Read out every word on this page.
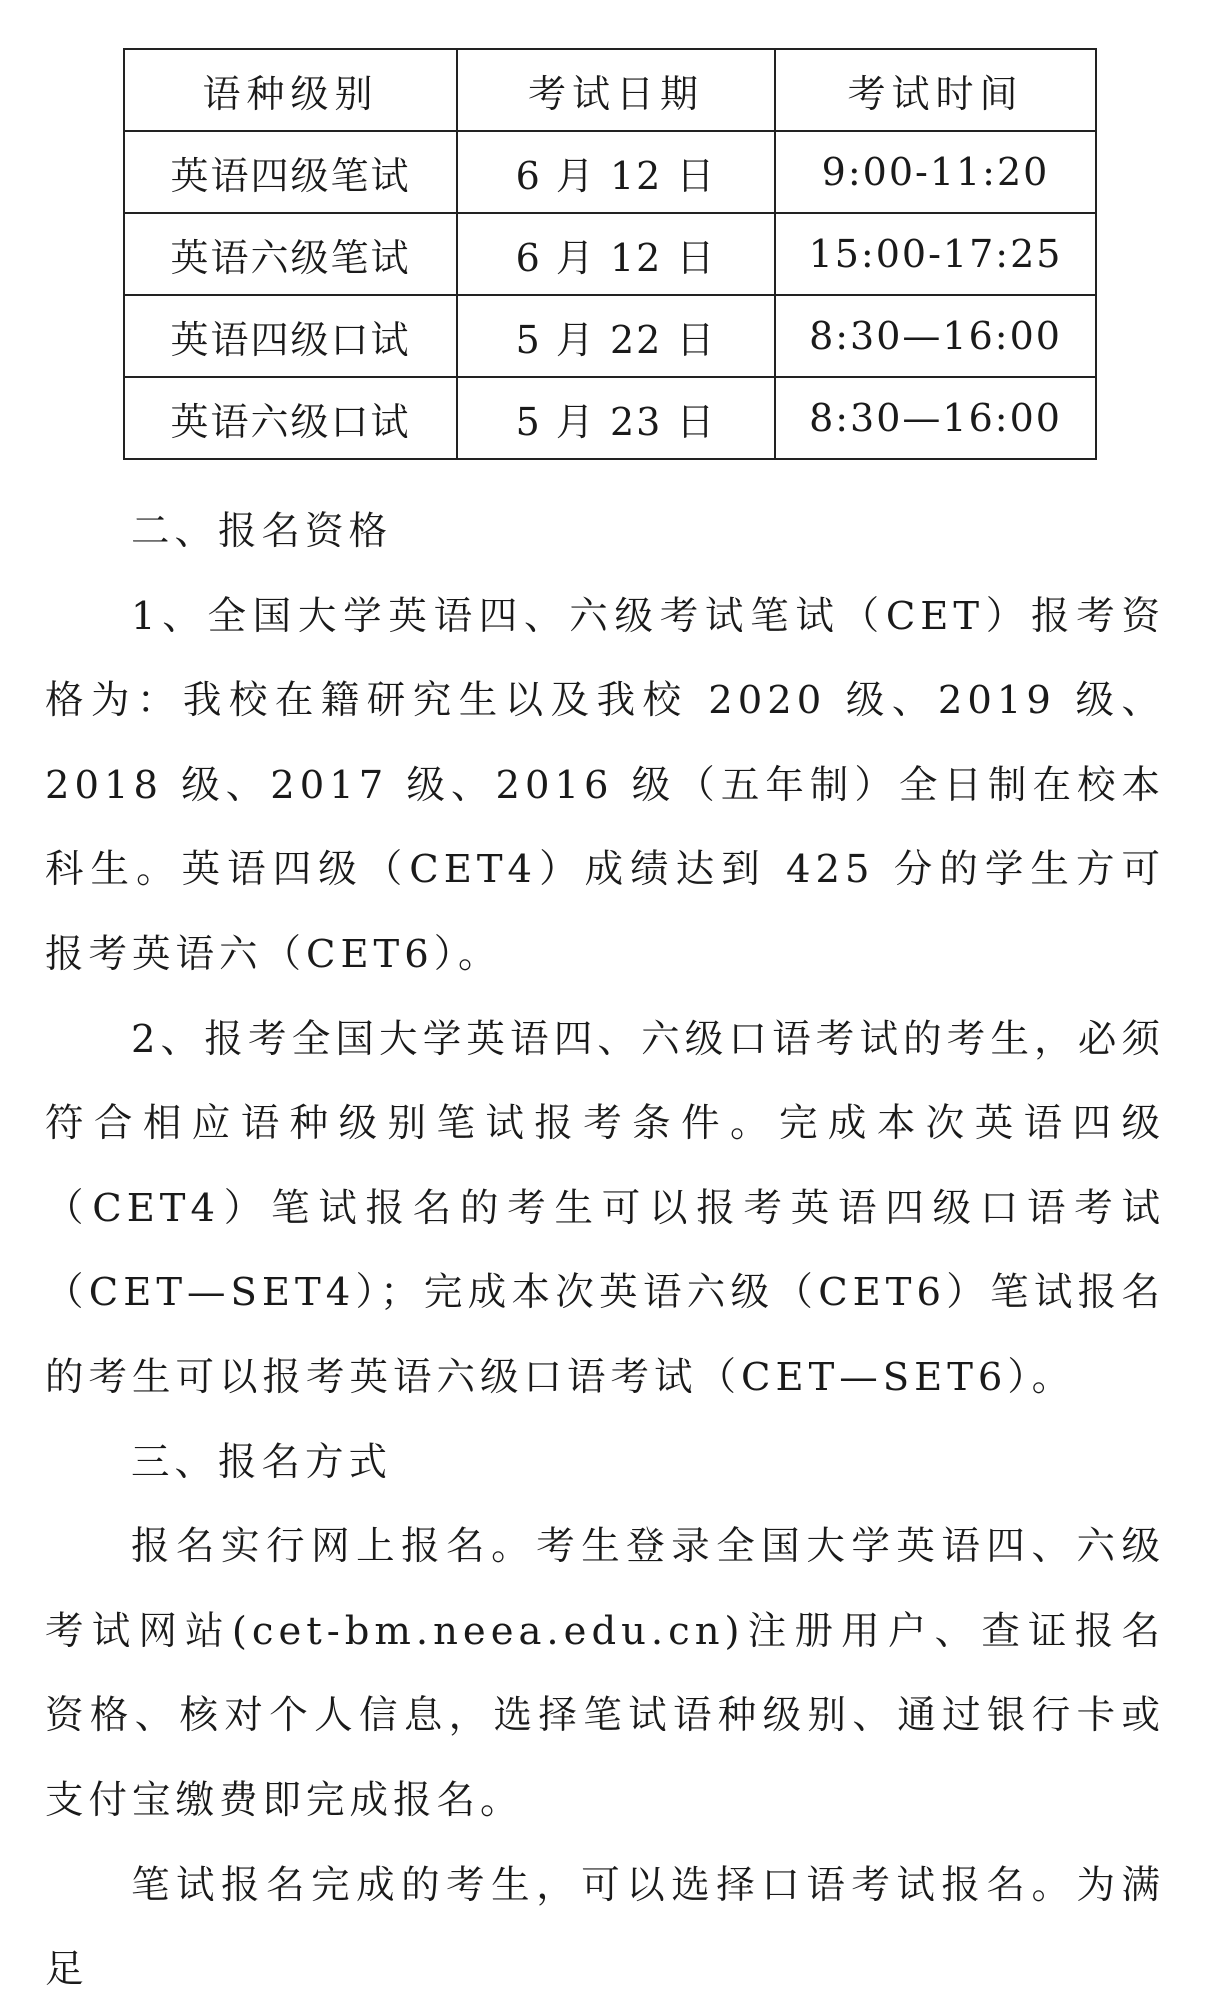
语种级别	考试日期	考试时间
英语四级笔试	6 月 12 日	9:00-11:20
英语六级笔试	6 月 12 日	15:00-17:25
英语四级口试	5 月 22 日	8:30—16:00
英语六级口试	5 月 23 日	8:30—16:00

二、报名资格

1、全国大学英语四、六级考试笔试（CET）报考资格为：我校在籍研究生以及我校 2020 级、2019 级、2018 级、2017 级、2016 级（五年制）全日制在校本科生。英语四级（CET4）成绩达到 425 分的学生方可报考英语六（CET6）。

2、报考全国大学英语四、六级口语考试的考生，必须符合相应语种级别笔试报考条件。完成本次英语四级（CET4）笔试报名的考生可以报考英语四级口语考试（CET—SET4）；完成本次英语六级（CET6）笔试报名的考生可以报考英语六级口语考试（CET—SET6）。

三、报名方式

报名实行网上报名。考生登录全国大学英语四、六级考试网站(cet-bm.neea.edu.cn)注册用户、查证报名资格、核对个人信息，选择笔试语种级别、通过银行卡或支付宝缴费即完成报名。

笔试报名完成的考生，可以选择口语考试报名。为满足
